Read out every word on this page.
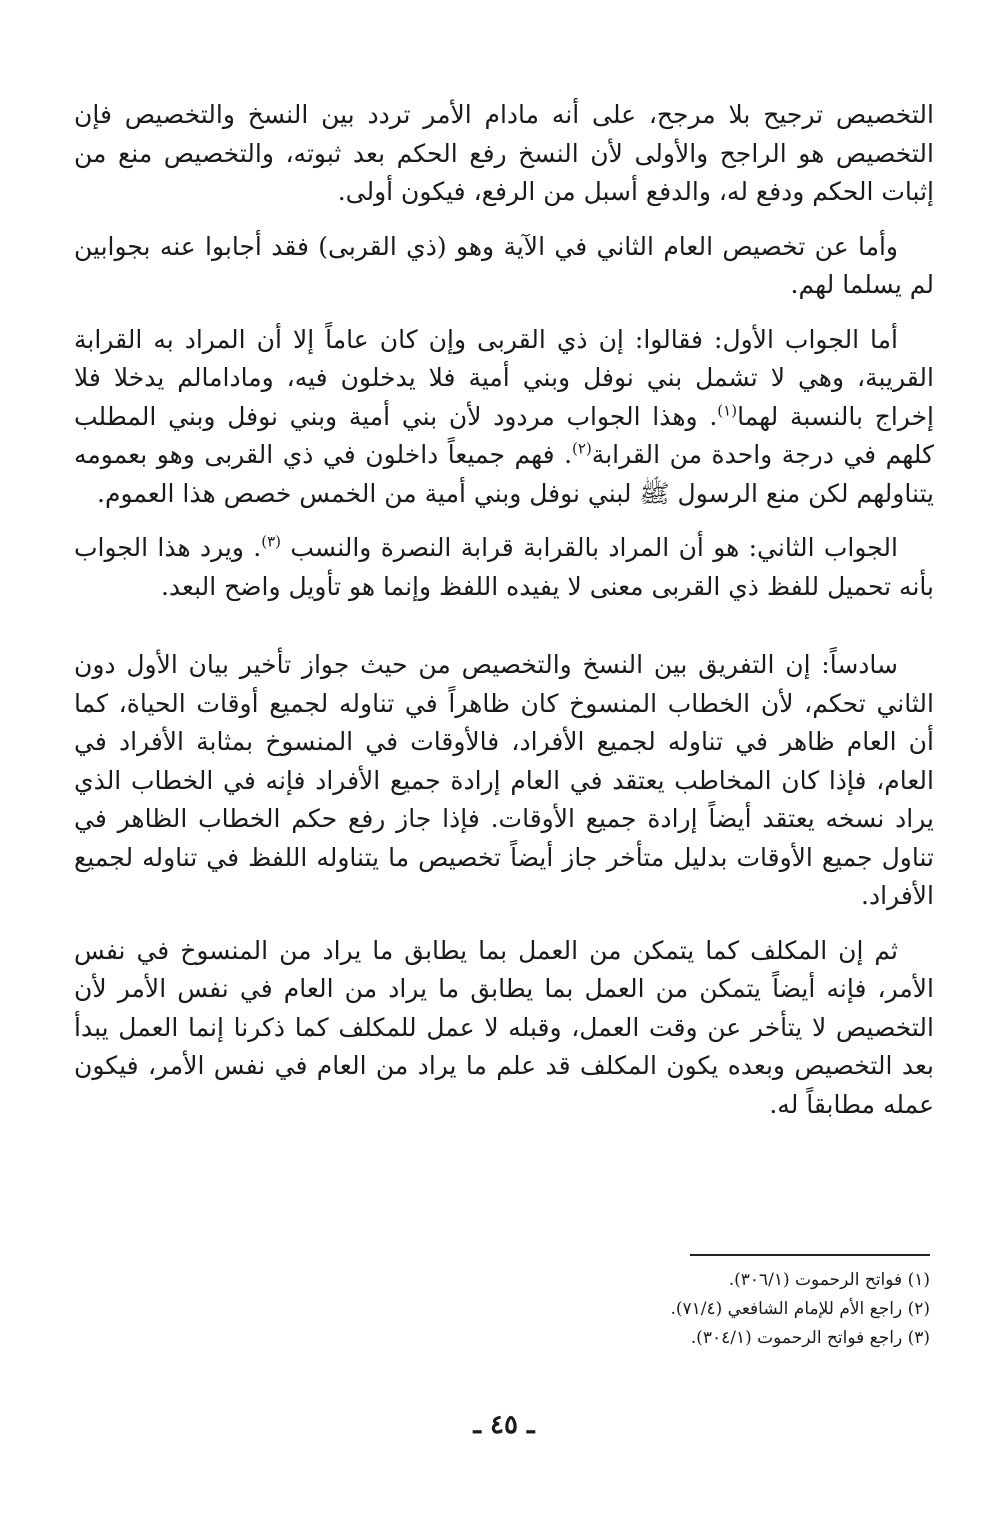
التخصيص ترجيح بلا مرجح، على أنه مادام الأمر تردد بين النسخ والتخصيص فإن التخصيص هو الراجح والأولى لأن النسخ رفع الحكم بعد ثبوته، والتخصيص منع من إثبات الحكم ودفع له، والدفع أسبل من الرفع، فيكون أولى.

وأما عن تخصيص العام الثاني في الآية وهو (ذي القربى) فقد أجابوا عنه بجوابين لم يسلما لهم.

أما الجواب الأول: فقالوا: إن ذي القربى وإن كان عاماً إلا أن المراد به القرابة القريبة، وهي لا تشمل بني نوفل وبني أمية فلا يدخلون فيه، ومادامالم يدخلا فلا إخراج بالنسبة لهما$^{(١)}$. وهذا الجواب مردود لأن بني أمية وبني نوفل وبني المطلب كلهم في درجة واحدة من القرابة$^{(٢)}$. فهم جميعاً داخلون في ذي القربى وهو بعمومه يتناولهم لكن منع الرسول ﷺ لبني نوفل وبني أمية من الخمس خصص هذا العموم.

الجواب الثاني: هو أن المراد بالقرابة قرابة النصرة والنسب $^{(٣)}$. ويرد هذا الجواب بأنه تحميل للفظ ذي القربى معنى لا يفيده اللفظ وإنما هو تأويل واضح البعد.

سادساً: إن التفريق بين النسخ والتخصيص من حيث جواز تأخير بيان الأول دون الثاني تحكم، لأن الخطاب المنسوخ كان ظاهراً في تناوله لجميع أوقات الحياة، كما أن العام ظاهر في تناوله لجميع الأفراد، فالأوقات في المنسوخ بمثابة الأفراد في العام، فإذا كان المخاطب يعتقد في العام إرادة جميع الأفراد فإنه في الخطاب الذي يراد نسخه يعتقد أيضاً إرادة جميع الأوقات. فإذا جاز رفع حكم الخطاب الظاهر في تناول جميع الأوقات بدليل متأخر جاز أيضاً تخصيص ما يتناوله اللفظ في تناوله لجميع الأفراد.

ثم إن المكلف كما يتمكن من العمل بما يطابق ما يراد من المنسوخ في نفس الأمر، فإنه أيضاً يتمكن من العمل بما يطابق ما يراد من العام في نفس الأمر لأن التخصيص لا يتأخر عن وقت العمل، وقبله لا عمل للمكلف كما ذكرنا إنما العمل يبدأ بعد التخصيص وبعده يكون المكلف قد علم ما يراد من العام في نفس الأمر، فيكون عمله مطابقاً له.

(١) فواتح الرحموت (٣٠٦/١).
(٢) راجع الأم للإمام الشافعي (٧١/٤).
(٣) راجع فواتح الرحموت (٣٠٤/١).
ـ ٤٥ ـ
